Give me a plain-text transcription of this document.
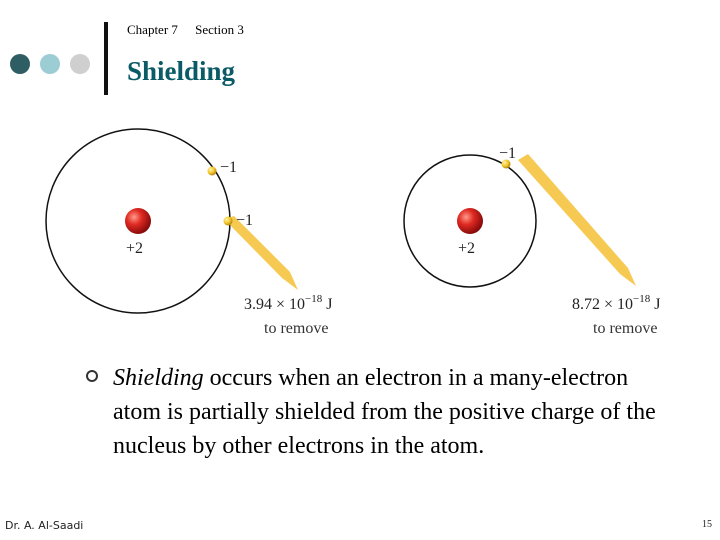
Chapter 7 Section 3
Shielding
+2
−1
−1
$3.94 \times 10^{-18}$ J
to remove
+2
−1
$8.72 \times 10^{-18}$ J
to remove
Shielding occurs when an electron in a many-electron atom is partially shielded from the positive charge of the nucleus by other electrons in the atom.
Dr. A. Al-Saadi	15
